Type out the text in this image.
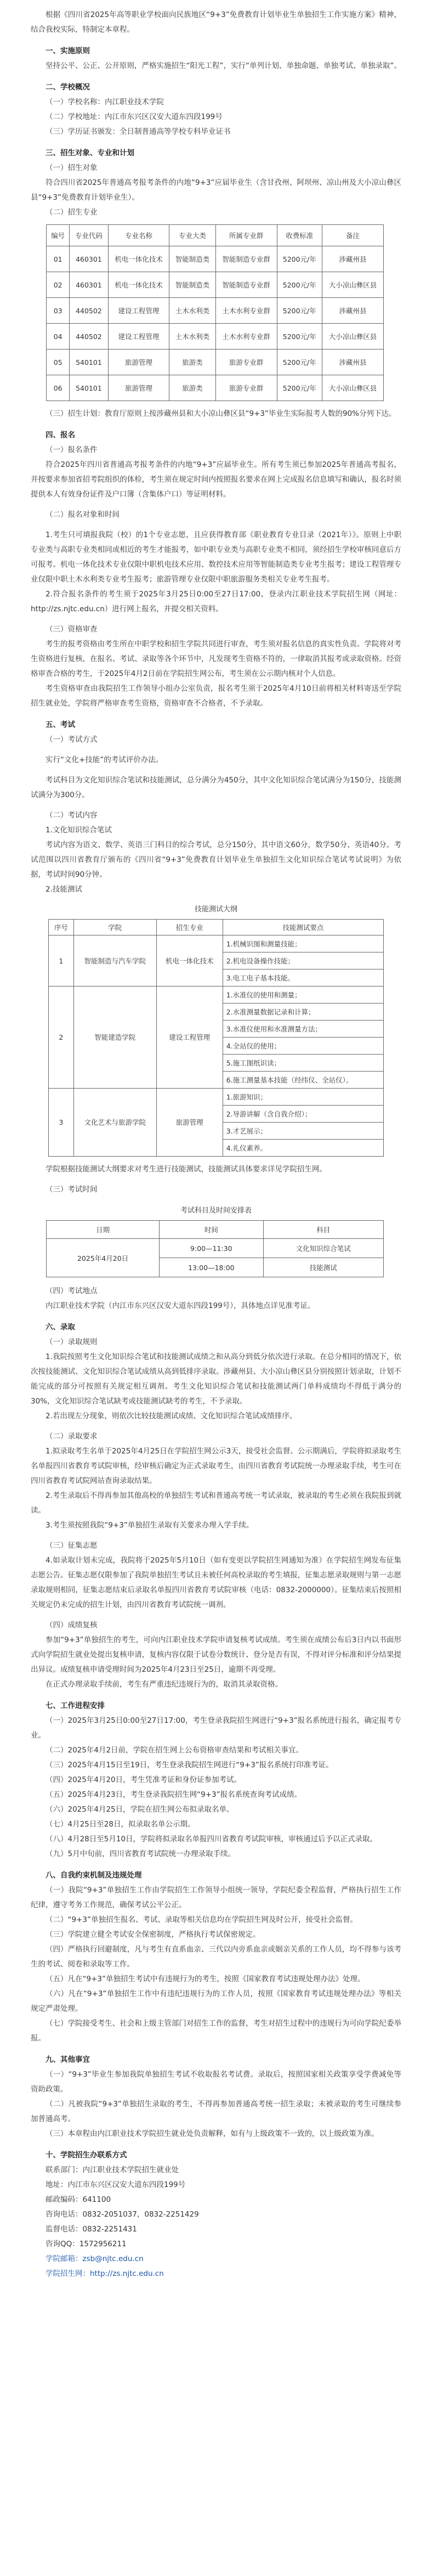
根据《四川省2025年高等职业学校面向民族地区“9+3”免费教育计划毕业生单独招生工作实施方案》精神，结合我校实际，特制定本章程。

一、实施原则

坚持公平、公正、公开原则，严格实施招生“阳光工程”，实行“单列计划、单独命题、单独考试、单独录取”。

二、学校概况

（一）学校名称：内江职业技术学院

（二）学校地址：内江市东兴区汉安大道东四段199号

（三）学历证书颁发：全日制普通高等学校专科毕业证书

三、招生对象、专业和计划

（一）招生对象

符合四川省2025年普通高考报考条件的内地“9+3”应届毕业生（含甘孜州、阿坝州、凉山州及大小凉山彝区县“9+3”免费教育计划毕业生）。

（二）招生专业

编号	专业代码	专业名称	专业大类	所属专业群	收费标准	备注
01	460301	机电一体化技术	智能制造类	智能制造专业群	5200元/年	涉藏州县
02	460301	机电一体化技术	智能制造类	智能制造专业群	5200元/年	大小凉山彝区县
03	440502	建设工程管理	土木水利类	土木水利专业群	5200元/年	涉藏州县
04	440502	建设工程管理	土木水利类	土木水利专业群	5200元/年	大小凉山彝区县
05	540101	旅游管理	旅游类	旅游专业群	5200元/年	涉藏州县
06	540101	旅游管理	旅游类	旅游专业群	5200元/年	大小凉山彝区县

（三）招生计划：教育厅原则上按涉藏州县和大小凉山彝区县“9+3”毕业生实际报考人数的90%分列下达。

四、报名

（一）报名条件

符合2025年四川省普通高考报考条件的内地“9+3”应届毕业生。所有考生须已参加2025年普通高考报名，并按要求参加省招考院组织的体检，考生须在规定时间内按照报名要求在网上完成报名信息填写和确认，报名时须提供本人有效身份证件及户口簿（含集体户口）等证明材料。

（二）报名对象和时间

1.考生只可填报我院（校）的1个专业志愿，且应获得教育部《职业教育专业目录（2021年）》。原则上中职专业类与高职专业类相同或相近的考生才能报考，如中职专业类与高职专业类不相同，须经招生学校审核同意后方可报考。机电一体化技术专业仅限中职机电技术应用、数控技术应用等智能制造类专业考生报考；建设工程管理专业仅限中职土木水利类专业考生报考；旅游管理专业仅限中职旅游服务类相关专业考生报考。

2.符合报名条件的考生须于2025年3月25日0:00至27日17:00，登录内江职业技术学院招生网（网址：http://zs.njtc.edu.cn）进行网上报名，并提交相关资料。

（三）资格审查

考生的报考资格由考生所在中职学校和招生学院共同进行审查，考生须对报名信息的真实性负责。学院将对考生资格进行复核，在报名、考试、录取等各个环节中，凡发现考生资格不符的，一律取消其报考或录取资格。经资格审查合格的考生，于2025年4月2日前在学院招生网公布，考生须在公示期内核对个人信息。

考生资格审查由我院招生工作领导小组办公室负责，报名考生须于2025年4月10日前将相关材料寄送至学院招生就业处，学院将严格审查考生资格，资格审查不合格者，不予录取。

五、考试

（一）考试方式

实行“文化+技能”的考试评价办法。

考试科目为文化知识综合笔试和技能测试，总分满分为450分，其中文化知识综合笔试满分为150分，技能测试满分为300分。

（二）考试内容

1.文化知识综合笔试

考试内容为语文、数学、英语三门科目的综合考试，总分150分，其中语文60分，数学50分、英语40分。考试范围以四川省教育厅颁布的《四川省“9+3”免费教育计划毕业生单独招生文化知识综合笔试考试说明》为依据，考试时间90分钟。

2.技能测试

技能测试大纲

序号	学院	招生专业	技能测试要点
1	智能制造与汽车学院	机电一体化技术	1.机械识图和测量技能；
			2.机电设备操作技能；
			3.电工电子基本技能。
2	智能建造学院	建设工程管理	1.水准仪的使用和测量；
			2.水准测量数据记录和计算；
			3.水准仪使用和水准测量方法；
			4.全站仪的使用；
			5.施工图纸识读；
			6.施工测量基本技能（经纬仪、全站仪）。
3	文化艺术与旅游学院	旅游管理	1.旅游知识；
			2.导游讲解（含自我介绍）；
			3.才艺展示；
			4.礼仪素养。

学院根据技能测试大纲要求对考生进行技能测试，技能测试具体要求详见学院招生网。

（三）考试时间

考试科目及时间安排表

日期	时间	科目
2025年4月20日	9:00—11:30	文化知识综合笔试
	13:00—18:00	技能测试

（四）考试地点

内江职业技术学院（内江市东兴区汉安大道东四段199号），具体地点详见准考证。

六、录取

（一）录取规则

1.我院按照考生文化知识综合笔试和技能测试成绩之和从高分到低分依次进行录取。在总分相同的情况下，依次按技能测试、文化知识综合笔试成绩从高到低排序录取。涉藏州县、大小凉山彝区县分别按照计划录取，计划不能完成的部分可按照有关规定相互调剂。考生文化知识综合笔试和技能测试两门单科成绩均不得低于满分的30%，文化知识综合笔试缺考或技能测试缺考的考生，不予录取。

2.若出现左分现象，则依次比较技能测试成绩、文化知识综合笔试成绩排序。

（二）录取要求

1.拟录取考生名单于2025年4月25日在学院招生网公示3天，接受社会监督。公示期满后，学院将拟录取考生名单报四川省教育考试院审核，经审核后确定为正式录取考生，由四川省教育考试院统一办理录取手续，考生可在四川省教育考试院网站查询录取结果。

2.考生录取后不得再参加其他高校的单独招生考试和普通高考统一考试录取，被录取的考生必须在我院报到就读。

3.考生须按照我院“9+3”单独招生录取有关要求办理入学手续。

（三）征集志愿

4.如录取计划未完成，我院将于2025年5月10日（如有变更以学院招生网通知为准）在学院招生网发布征集志愿公告。征集志愿仅限参加了我院单独招生考试且未被任何高校录取的考生填报，征集志愿录取规则与第一志愿录取规则相同，征集志愿结束后录取名单报四川省教育考试院审核（电话：0832-2000000）。征集结束后按照相关规定仍未完成的招生计划，由四川省教育考试院统一调剂。

（四）成绩复核

参加“9+3”单独招生的考生，可向内江职业技术学院申请复核考试成绩。考生须在成绩公布后3日内以书面形式向学院招生就业处提出复核申请，复核内容仅限于试卷分数统计、登分是否有误，不得对评分标准和评分结果提出异议。成绩复核申请受理时间为2025年4月23日至25日，逾期不再受理。

在正式办理录取手续前，考生有严重违纪违规行为的，取消其录取资格。

七、工作进程安排

（一）2025年3月25日0:00至27日17:00，考生登录我院招生网进行“9+3”报名系统进行报名，确定报考专业。

（二）2025年4月2日前，学院在招生网上公布资格审查结果和考试相关事宜。

（三）2025年4月15日至19日，考生登录我院招生网进行“9+3”报名系统打印准考证。

（四）2025年4月20日，考生凭准考证和身份证参加考试。

（五）2025年4月23日，考生登录我院招生网“9+3”报名系统查询考试成绩。

（六）2025年4月25日，学院在招生网公布拟录取名单。

（七）4月25日至28日，拟录取名单公示期。

（八）4月28日至5月10日，学院将拟录取名单报四川省教育考试院审核，审核通过后予以正式录取。

（九）5月中旬前，四川省教育考试院统一办理录取手续。

八、自我约束机制及违规处理

（一）我院“9+3”单独招生工作由学院招生工作领导小组统一领导，学院纪委全程监督，严格执行招生工作纪律，遵守考务工作规范，确保考试公平公正。

（二）“9+3”单独招生报名、考试、录取等相关信息均在学院招生网及时公开，接受社会监督。

（三）学院建立健全考试安全保密制度，严格执行考试保密规定。

（四）严格执行回避制度，凡与考生有直系血亲、三代以内旁系血亲或姻亲关系的工作人员，均不得参与该考生的考试、阅卷和录取等工作。

（五）凡在“9+3”单独招生考试中有违规行为的考生，按照《国家教育考试违规处理办法》处理。

（六）凡在“9+3”单独招生工作中有违纪违规行为的工作人员，按照《国家教育考试违规处理办法》等相关规定严肃处理。

（七）学院接受考生、社会和上级主管部门对招生工作的监督，考生对招生过程中的违规行为可向学院纪委举报。

九、其他事宜

（一）“9+3”毕业生参加我院单独招生考试不收取报名考试费。录取后，按照国家相关政策享受学费减免等资助政策。

（二）凡被我院“9+3”单独招生录取的考生，不得再参加普通高考统一招生录取；未被录取的考生可继续参加普通高考。

（三）本章程由内江职业技术学院招生就业处负责解释，如有与上级政策不一致的，以上级政策为准。

十、学院招生办联系方式

联系部门：内江职业技术学院招生就业处

地址：内江市东兴区汉安大道东四段199号

邮政编码：641100

咨询电话：0832-2051037，0832-2251429

监督电话：0832-2251431

咨询QQ：1572956211

学院邮箱：zsb@njtc.edu.cn

学院招生网：http://zs.njtc.edu.cn
